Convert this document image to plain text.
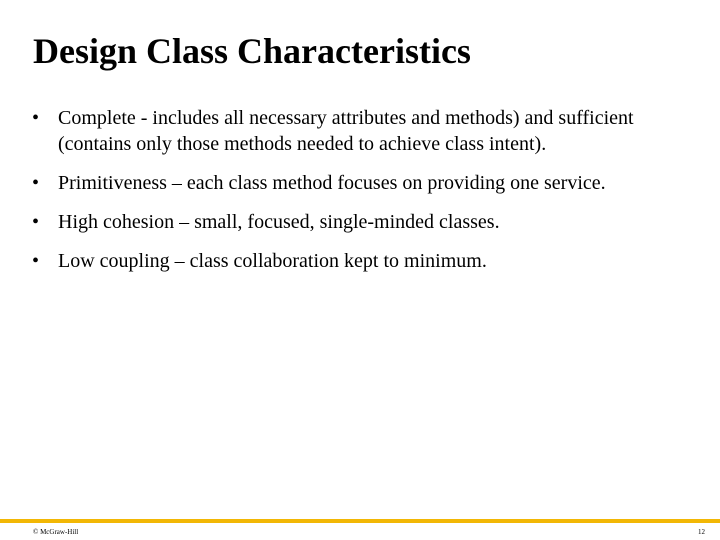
Design Class Characteristics
• Complete - includes all necessary attributes and methods) and sufficient (contains only those methods needed to achieve class intent).
• Primitiveness – each class method focuses on providing one service.
• High cohesion – small, focused, single-minded classes.
• Low coupling – class collaboration kept to minimum.
© McGraw-Hill	12
